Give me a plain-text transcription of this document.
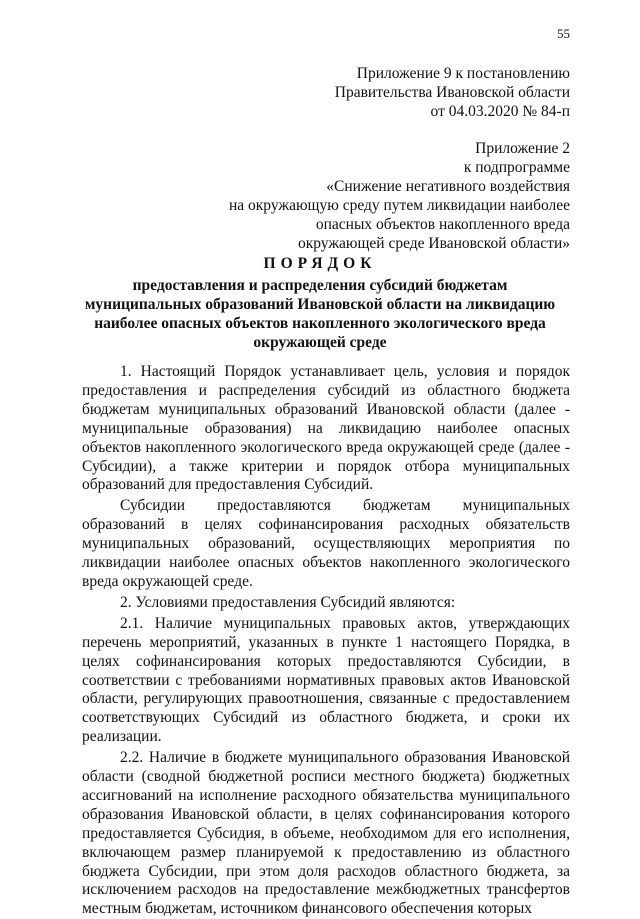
55
Приложение 9 к постановлению
Правительства Ивановской области
от 04.03.2020 № 84-п
Приложение 2
к подпрограмме
«Снижение негативного воздействия
на окружающую среду путем ликвидации наиболее
опасных объектов накопленного вреда
окружающей среде Ивановской области»
ПОРЯДОК
предоставления и распределения субсидий бюджетам
муниципальных образований Ивановской области на ликвидацию
наиболее опасных объектов накопленного экологического вреда
окружающей среде

1. Настоящий Порядок устанавливает цель, условия и порядок предоставления и распределения субсидий из областного бюджета бюджетам муниципальных образований Ивановской области (далее - муниципальные образования) на ликвидацию наиболее опасных объектов накопленного экологического вреда окружающей среде (далее - Субсидии), а также критерии и порядок отбора муниципальных образований для предоставления Субсидий.

Субсидии предоставляются бюджетам муниципальных образований в целях софинансирования расходных обязательств муниципальных образований, осуществляющих мероприятия по ликвидации наиболее опасных объектов накопленного экологического вреда окружающей среде.

2. Условиями предоставления Субсидий являются:

2.1. Наличие муниципальных правовых актов, утверждающих перечень мероприятий, указанных в пункте 1 настоящего Порядка, в целях софинансирования которых предоставляются Субсидии, в соответствии с требованиями нормативных правовых актов Ивановской области, регулирующих правоотношения, связанные с предоставлением соответствующих Субсидий из областного бюджета, и сроки их реализации.

2.2. Наличие в бюджете муниципального образования Ивановской области (сводной бюджетной росписи местного бюджета) бюджетных ассигнований на исполнение расходного обязательства муниципального образования Ивановской области, в целях софинансирования которого предоставляется Субсидия, в объеме, необходимом для его исполнения, включающем размер планируемой к предоставлению из областного бюджета Субсидии, при этом доля расходов областного бюджета, за исключением расходов на предоставление межбюджетных трансфертов местным бюджетам, источником финансового обеспечения которых
